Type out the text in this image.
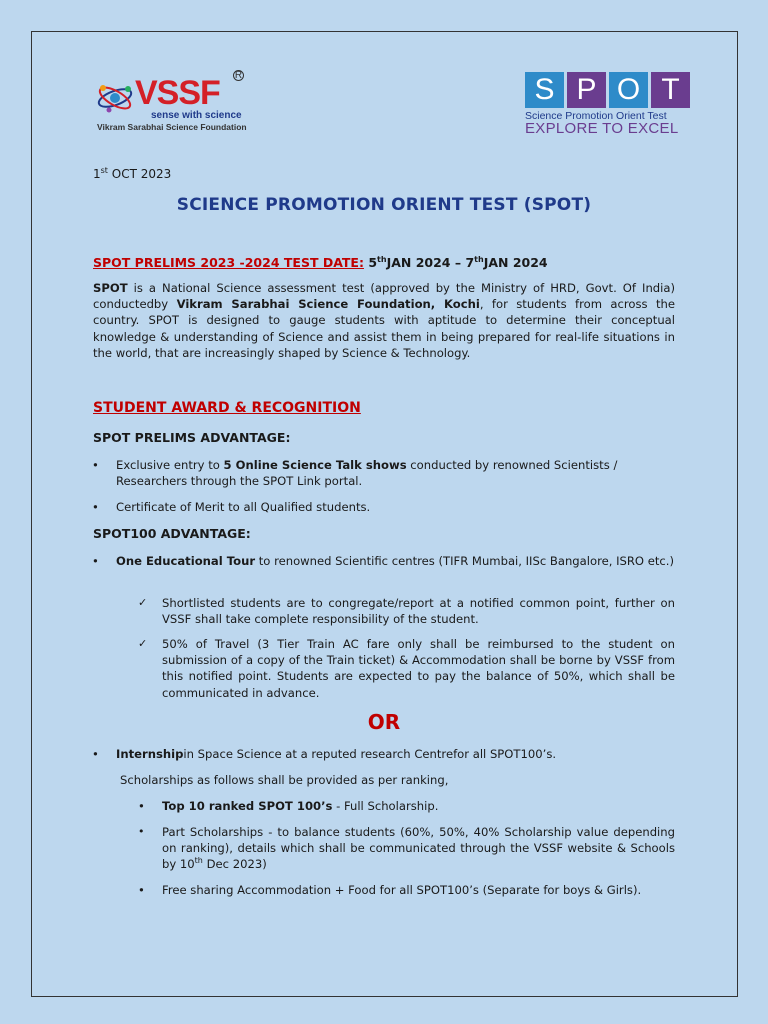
VSSF R
sense with science
Vikram Sarabhai Science Foundation
S P O T
Science Promotion Orient Test
EXPLORE TO EXCEL
1st OCT 2023
SCIENCE PROMOTION ORIENT TEST (SPOT)
SPOT PRELIMS 2023 -2024 TEST DATE: 5thJAN 2024 – 7thJAN 2024
SPOT is a National Science assessment test (approved by the Ministry of HRD, Govt. Of India) conductedby Vikram Sarabhai Science Foundation, Kochi, for students from across the country. SPOT is designed to gauge students with aptitude to determine their conceptual knowledge & understanding of Science and assist them in being prepared for real-life situations in the world, that are increasingly shaped by Science & Technology.
STUDENT AWARD & RECOGNITION
SPOT PRELIMS ADVANTAGE:
• Exclusive entry to 5 Online Science Talk shows conducted by renowned Scientists / Researchers through the SPOT Link portal.
• Certificate of Merit to all Qualified students.
SPOT100 ADVANTAGE:
• One Educational Tour to renowned Scientific centres (TIFR Mumbai, IISc Bangalore, ISRO etc.)
✓ Shortlisted students are to congregate/report at a notified common point, further on VSSF shall take complete responsibility of the student.
✓ 50% of Travel (3 Tier Train AC fare only shall be reimbursed to the student on submission of a copy of the Train ticket) & Accommodation shall be borne by VSSF from this notified point. Students are expected to pay the balance of 50%, which shall be communicated in advance.
OR
• Internshipin Space Science at a reputed research Centrefor all SPOT100’s.
Scholarships as follows shall be provided as per ranking,
• Top 10 ranked SPOT 100’s - Full Scholarship.
• Part Scholarships - to balance students (60%, 50%, 40% Scholarship value depending on ranking), details which shall be communicated through the VSSF website & Schools by 10th Dec 2023)
• Free sharing Accommodation + Food for all SPOT100’s (Separate for boys & Girls).
